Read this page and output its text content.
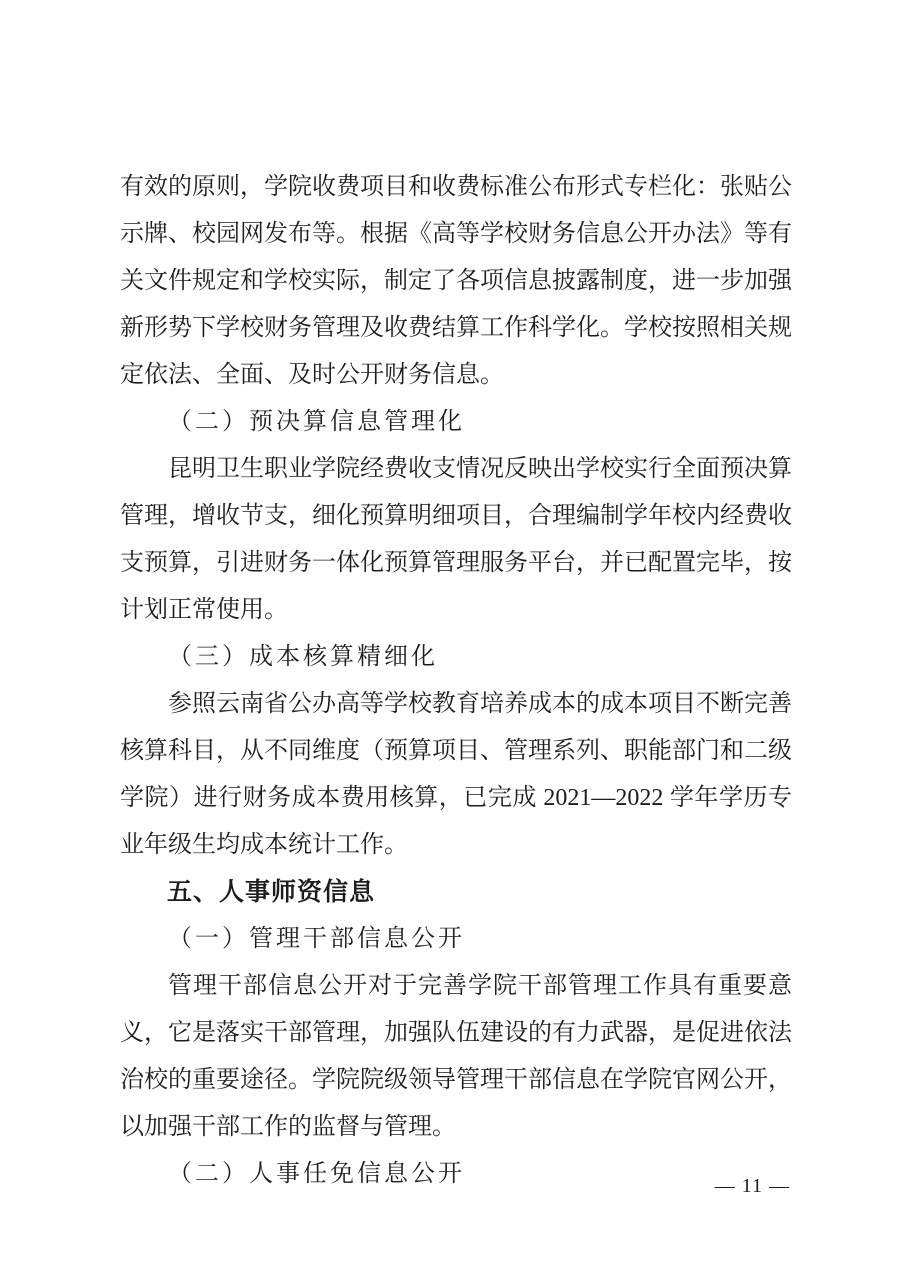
有效的原则，学院收费项目和收费标准公布形式专栏化：张贴公示牌、校园网发布等。根据《高等学校财务信息公开办法》等有关文件规定和学校实际，制定了各项信息披露制度，进一步加强新形势下学校财务管理及收费结算工作科学化。学校按照相关规定依法、全面、及时公开财务信息。

（二）预决算信息管理化

昆明卫生职业学院经费收支情况反映出学校实行全面预决算管理，增收节支，细化预算明细项目，合理编制学年校内经费收支预算，引进财务一体化预算管理服务平台，并已配置完毕，按计划正常使用。

（三）成本核算精细化

参照云南省公办高等学校教育培养成本的成本项目不断完善核算科目，从不同维度（预算项目、管理系列、职能部门和二级学院）进行财务成本费用核算，已完成 2021—2022 学年学历专业年级生均成本统计工作。

五、人事师资信息
（一）管理干部信息公开

管理干部信息公开对于完善学院干部管理工作具有重要意义，它是落实干部管理，加强队伍建设的有力武器，是促进依法治校的重要途径。学院院级领导管理干部信息在学院官网公开，以加强干部工作的监督与管理。

（二）人事任免信息公开	— 11 —
